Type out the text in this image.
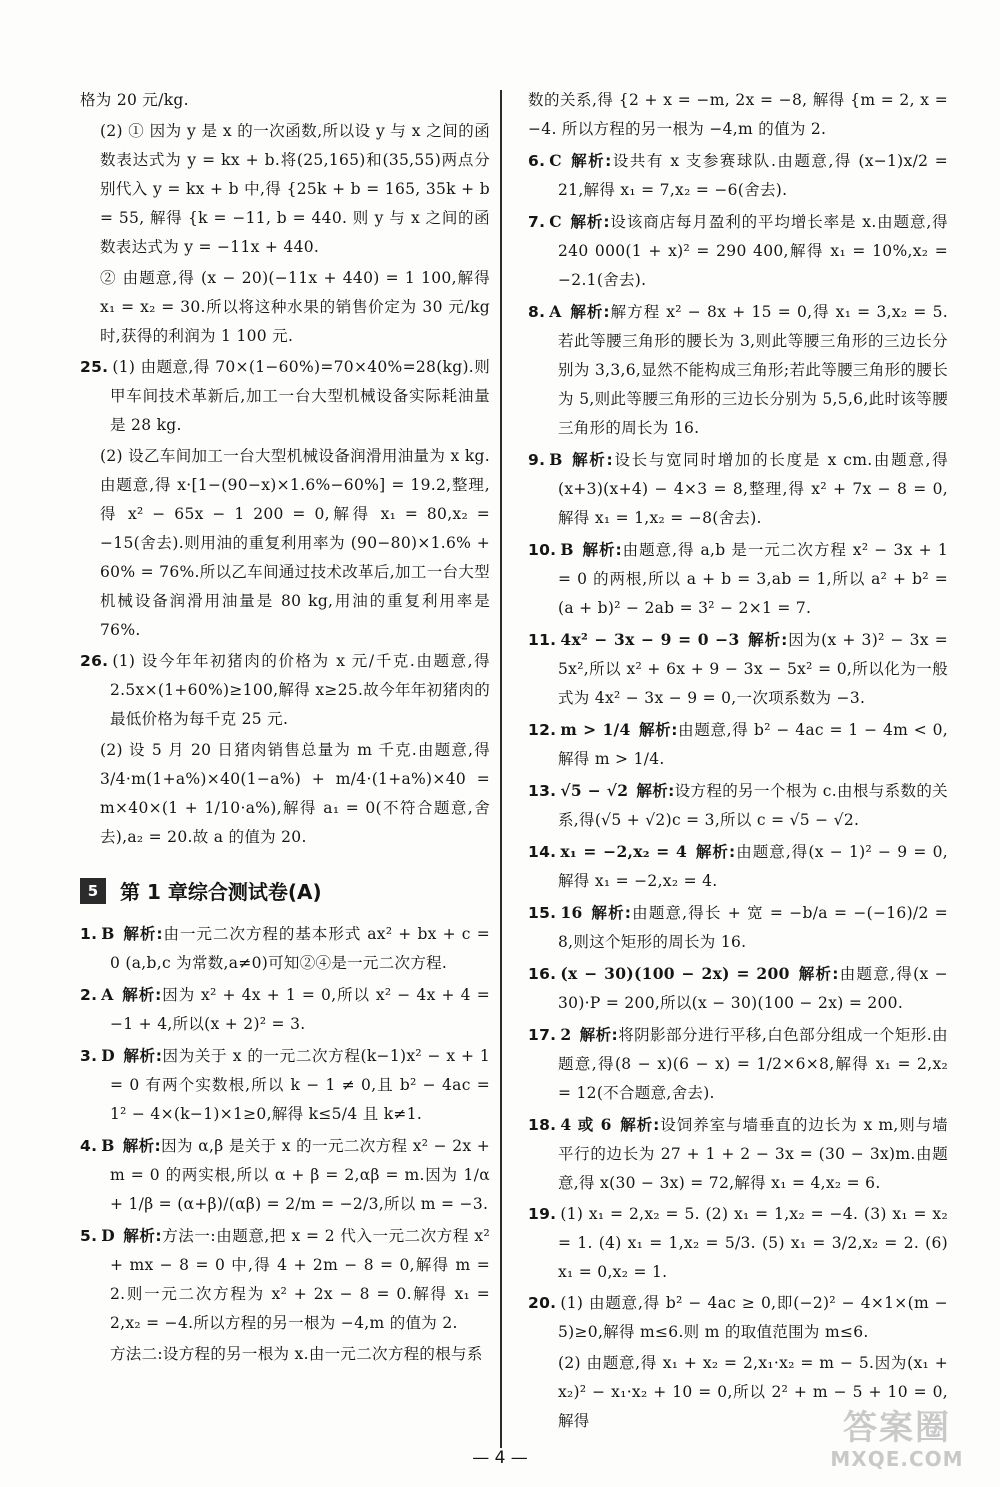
格为 20 元/kg.
(2) ① 因为 y 是 x 的一次函数,所以设 y 与 x 之间的函数表达式为 y = kx + b.将(25,165)和(35,55)两点分别代入 y = kx + b 中,得 {25k + b = 165, 35k + b = 55, 解得 {k = −11, b = 440. 则 y 与 x 之间的函数表达式为 y = −11x + 440.
② 由题意,得 (x − 20)(−11x + 440) = 1 100,解得 x₁ = x₂ = 30.所以将这种水果的销售价定为 30 元/kg 时,获得的利润为 1 100 元.
25. (1) 由题意,得 70×(1−60%)=70×40%=28(kg).则甲车间技术革新后,加工一台大型机械设备实际耗油量是 28 kg.
(2) 设乙车间加工一台大型机械设备润滑用油量为 x kg.由题意,得 x·[1−(90−x)×1.6%−60%] = 19.2,整理,得 x² − 65x − 1 200 = 0,解得 x₁ = 80,x₂ = −15(舍去).则用油的重复利用率为 (90−80)×1.6% + 60% = 76%.所以乙车间通过技术改革后,加工一台大型机械设备润滑用油量是 80 kg,用油的重复利用率是 76%.
26. (1) 设今年年初猪肉的价格为 x 元/千克.由题意,得 2.5x×(1+60%)≥100,解得 x≥25.故今年年初猪肉的最低价格为每千克 25 元.
(2) 设 5 月 20 日猪肉销售总量为 m 千克.由题意,得 3/4·m(1+a%)×40(1−a%) + m/4·(1+a%)×40 = m×40×(1 + 1/10·a%),解得 a₁ = 0(不符合题意,舍去),a₂ = 20.故 a 的值为 20.
5	第 1 章综合测试卷(A)
1. B 解析:由一元二次方程的基本形式 ax² + bx + c = 0 (a,b,c 为常数,a≠0)可知②④是一元二次方程.
2. A 解析:因为 x² + 4x + 1 = 0,所以 x² − 4x + 4 = −1 + 4,所以(x + 2)² = 3.
3. D 解析:因为关于 x 的一元二次方程(k−1)x² − x + 1 = 0 有两个实数根,所以 k − 1 ≠ 0,且 b² − 4ac = 1² − 4×(k−1)×1≥0,解得 k≤5/4 且 k≠1.
4. B 解析:因为 α,β 是关于 x 的一元二次方程 x² − 2x + m = 0 的两实根,所以 α + β = 2,αβ = m.因为 1/α + 1/β = (α+β)/(αβ) = 2/m = −2/3,所以 m = −3.
5. D 解析:方法一:由题意,把 x = 2 代入一元二次方程 x² + mx − 8 = 0 中,得 4 + 2m − 8 = 0,解得 m = 2.则一元二次方程为 x² + 2x − 8 = 0.解得 x₁ = 2,x₂ = −4.所以方程的另一根为 −4,m 的值为 2.
方法二:设方程的另一根为 x.由一元二次方程的根与系
数的关系,得 {2 + x = −m, 2x = −8, 解得 {m = 2, x = −4. 所以方程的另一根为 −4,m 的值为 2.
6. C 解析:设共有 x 支参赛球队.由题意,得 (x−1)x/2 = 21,解得 x₁ = 7,x₂ = −6(舍去).
7. C 解析:设该商店每月盈利的平均增长率是 x.由题意,得 240 000(1 + x)² = 290 400,解得 x₁ = 10%,x₂ = −2.1(舍去).
8. A 解析:解方程 x² − 8x + 15 = 0,得 x₁ = 3,x₂ = 5.若此等腰三角形的腰长为 3,则此等腰三角形的三边长分别为 3,3,6,显然不能构成三角形;若此等腰三角形的腰长为 5,则此等腰三角形的三边长分别为 5,5,6,此时该等腰三角形的周长为 16.
9. B 解析:设长与宽同时增加的长度是 x cm.由题意,得 (x+3)(x+4) − 4×3 = 8,整理,得 x² + 7x − 8 = 0,解得 x₁ = 1,x₂ = −8(舍去).
10. B 解析:由题意,得 a,b 是一元二次方程 x² − 3x + 1 = 0 的两根,所以 a + b = 3,ab = 1,所以 a² + b² = (a + b)² − 2ab = 3² − 2×1 = 7.
11. 4x² − 3x − 9 = 0 −3 解析:因为(x + 3)² − 3x = 5x²,所以 x² + 6x + 9 − 3x − 5x² = 0,所以化为一般式为 4x² − 3x − 9 = 0,一次项系数为 −3.
12. m > 1/4 解析:由题意,得 b² − 4ac = 1 − 4m < 0,解得 m > 1/4.
13. √5 − √2 解析:设方程的另一个根为 c.由根与系数的关系,得(√5 + √2)c = 3,所以 c = √5 − √2.
14. x₁ = −2,x₂ = 4 解析:由题意,得(x − 1)² − 9 = 0,解得 x₁ = −2,x₂ = 4.
15. 16 解析:由题意,得长 + 宽 = −b/a = −(−16)/2 = 8,则这个矩形的周长为 16.
16. (x − 30)(100 − 2x) = 200 解析:由题意,得(x − 30)·P = 200,所以(x − 30)(100 − 2x) = 200.
17. 2 解析:将阴影部分进行平移,白色部分组成一个矩形.由题意,得(8 − x)(6 − x) = 1/2×6×8,解得 x₁ = 2,x₂ = 12(不合题意,舍去).
18. 4 或 6 解析:设饲养室与墙垂直的边长为 x m,则与墙平行的边长为 27 + 1 + 2 − 3x = (30 − 3x)m.由题意,得 x(30 − 3x) = 72,解得 x₁ = 4,x₂ = 6.
19. (1) x₁ = 2,x₂ = 5. (2) x₁ = 1,x₂ = −4. (3) x₁ = x₂ = 1. (4) x₁ = 1,x₂ = 5/3. (5) x₁ = 3/2,x₂ = 2. (6) x₁ = 0,x₂ = 1.
20. (1) 由题意,得 b² − 4ac ≥ 0,即(−2)² − 4×1×(m − 5)≥0,解得 m≤6.则 m 的取值范围为 m≤6.
(2) 由题意,得 x₁ + x₂ = 2,x₁·x₂ = m − 5.因为(x₁ + x₂)² − x₁·x₂ + 10 = 0,所以 2² + m − 5 + 10 = 0,解得
— 4 —
答案圈
MXQE.COM
